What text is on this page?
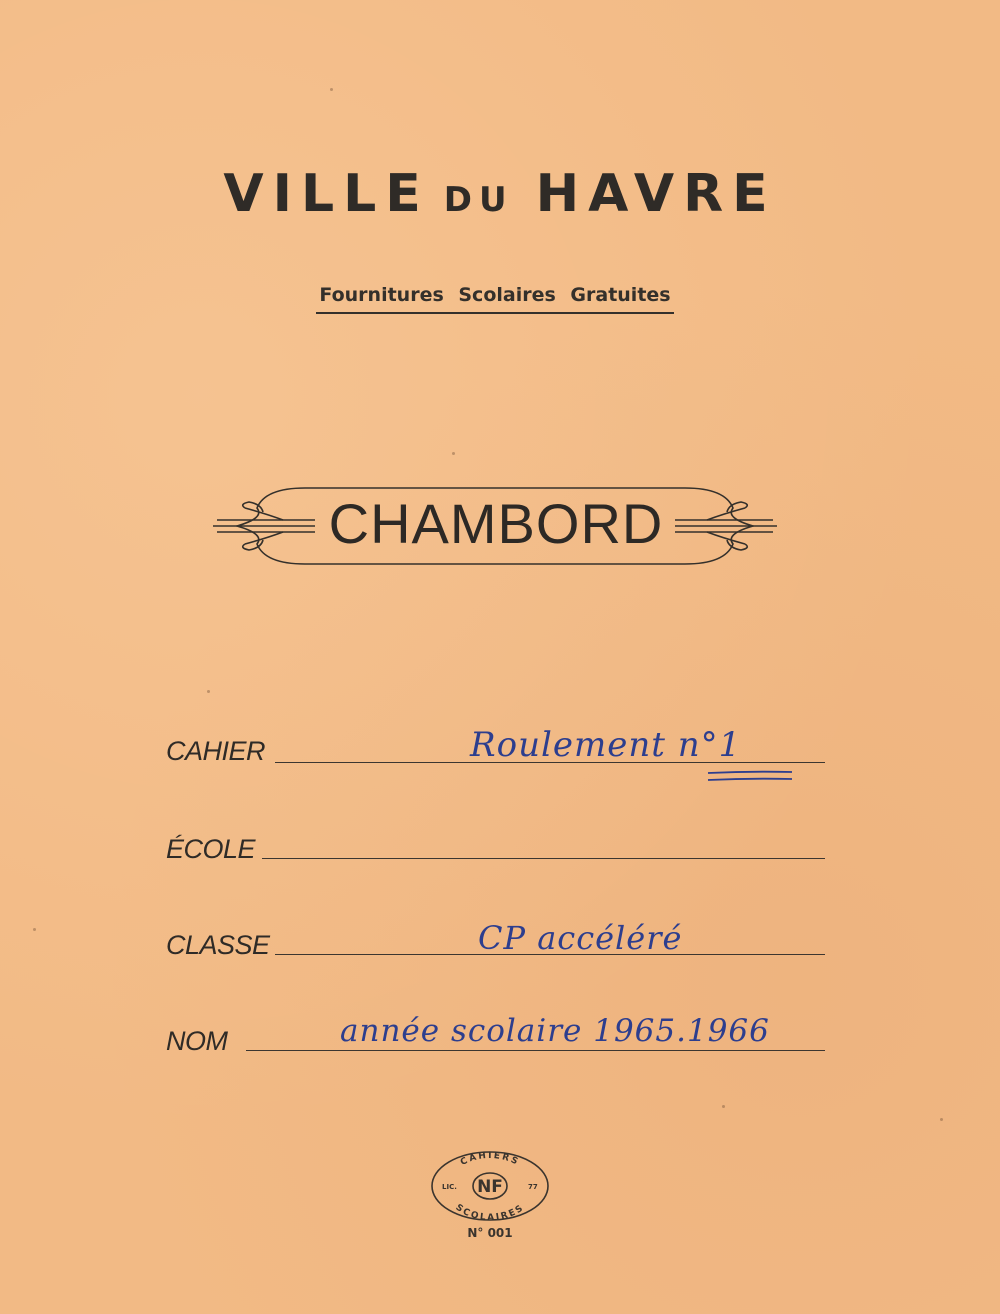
VILLE DU HAVRE
Fournitures Scolaires Gratuites
CHAMBORD
CAHIER	Roulement n°1
ÉCOLE
CLASSE	CP accéléré
NOM	année scolaire 1965.1966
CAHIERS
SCOLAIRES
NF
LIC.	77
N° 001
